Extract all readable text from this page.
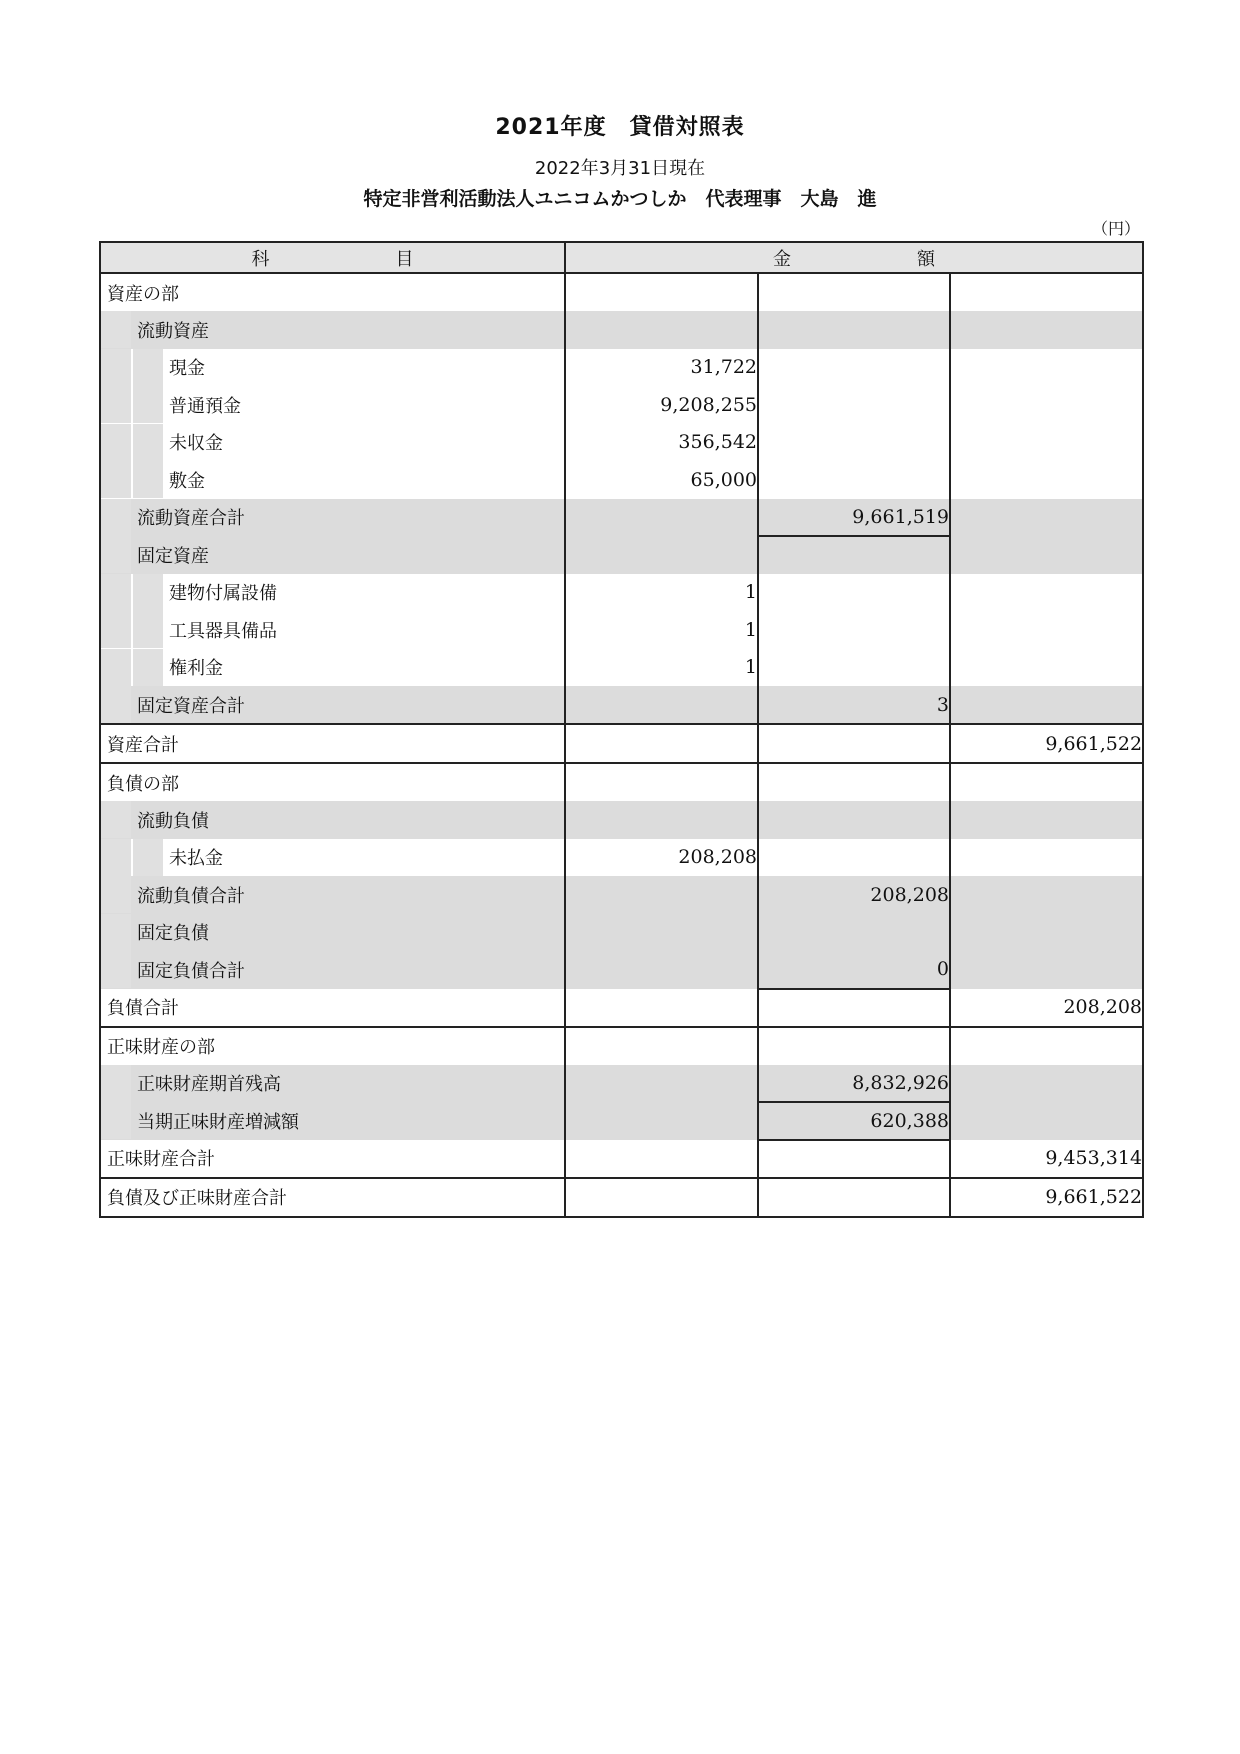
2021年度　貸借対照表
2022年3月31日現在
特定非営利活動法人ユニコムかつしか　代表理事　大島　進
（円）
科　　目	金　　額		

資産の部			

流動資産			

現金	31,722		

普通預金	9,208,255		

未収金	356,542		

敷金	65,000		

流動資産合計		9,661,519	

固定資産			

建物付属設備	1		

工具器具備品	1		

権利金	1		

固定資産合計		3	

資産合計			9,661,522

負債の部			

流動負債			

未払金	208,208		

流動負債合計		208,208	

固定負債			

固定負債合計		0	

負債合計			208,208

正味財産の部			

正味財産期首残高		8,832,926	

当期正味財産増減額		620,388	

正味財産合計			9,453,314

負債及び正味財産合計			9,661,522
